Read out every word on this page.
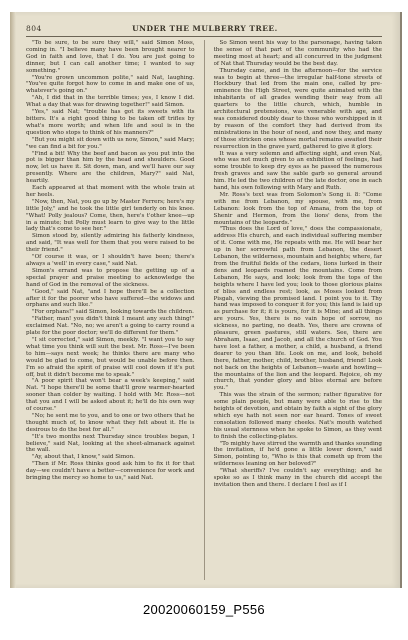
804	UNDER THE MULBERRY TREE.

"To be sure, to be sure they will," said Simon Moss, coming in. "I believe many have been brought nearer to God in faith and love, that I do. You are just going to dinner, but I can call another time; I wanted to say something."

"You're grown uncommon polite," said Nat, laughing. "You've quite forgot how to come in and make one of us, whatever's going on."

"Ah, I did that in the terrible times; yes, I know I did. What a day that was for drawing together!" said Simon.

"Yes," said Nat; "trouble has got its sweets with its bitters. It's a right good thing to be taken off trifles by what's more worth; and when life and soul is in the question who stops to think of his manners?"

"But you might sit down with us now, Simon," said Mary; "we can find a bit for you."

"Find a bit! Why the beef and bacon as you put into the pot is bigger than him by the head and shoulders. Good now, let us have it. Sit down, man, and we'll have our say presently. Where are the children, Mary?" said Nat, heartily.

Each appeared at that moment with the whole train at her heels.

"Now, then, Nat, you go up by Master Ferrers; here's my little Joly," and he took the little girl tenderly on his knee. "What! Polly jealous? Come, then, here's t'other knee—up in a minute; but Polly must learn to give way to the little lady that's come to see her."

Simon stood by, silently admiring his fatherly kindness, and said, "It was well for them that you were raised to be their friend."

"Of course it was, or I shouldn't have been; there's always a 'well' in every case," said Nat.

Simon's errand was to propose the getting up of a special prayer and praise meeting to acknowledge the hand of God in the removal of the sickness.

"Good," said Nat, "and I hope there'll be a collection after it for the poorer who have suffered—the widows and orphans and such like."

"For orphans!" said Simon, looking towards the children.

"Father, man! you didn't think I meant any such thing!" exclaimed Nat. "No, no; we aren't a going to carry round a plate for the poor doctor; we'll do different for them."

"I sit corrected," said Simon, meekly. "I want you to say what time you think will suit the best. Mr. Ross—I've been to him—says next week; he thinks there are many who would be glad to come, but would be unable before then. I'm so afraid the spirit of praise will cool down if it's put off, but it didn't become me to speak."

"A poor spirit that won't bear a week's keeping," said Nat. "I hope there'll be some that'll grow warmer-hearted sooner than colder by waiting. I hold with Mr. Ross—not that you and I will be asked about it; he'll do his own way of course."

"No; he sent me to you, and to one or two others that he thought much of, to know what they felt about it. He is desirous to do the best for all."

"It's two months next Thursday since troubles began, I believe," said Nat, looking at the sheet-almanack against the wall.

"Ay, about that, I know," said Simon.

"Then if Mr. Ross thinks good ask him to fix it for that day—we couldn't have a better—convenience for work and bringing the mercy so home to us," said Nat.

So Simon went his way to the parsonage, having taken the sense of that part of the community who had the meeting most at heart; and all concurred in the judgment of Nat that Thursday would be the best day.

Thursday came, and in the afternoon—for the service was to begin at three—the irregular half-tone streets of Hockbury that led from the main one, called by pre-eminence the High Street, were quite animated with the inhabitants of all grades wending their way from all quarters to the little church, which, humble in architectural pretensions, was venerable with age, and was considered doubly dear to those who worshipped in it by reason of the comfort they had derived from its ministrations in the hour of need, and now they, and many of those stricken ones whose mortal remains awaited their resurrection in the grave yard, gathered to give it glory.

It was a very solemn and affecting sight, and even Nat, who was not much given to an exhibition of feelings, had some trouble to keep dry eyes as he passed the numerous fresh graves and saw the sable garb so general around him. He led the two children of the late doctor, one in each hand, his own following with Mary and Ruth.

Mr. Ross's text was from Solomon's Song ii. 8: "Come with me from Lebanon, my spouse, with me, from Lebanon: look from the top of Amana, from the top of Shenir and Hermon, from the lions' dens, from the mountains of the leopards."

"Thus does the Lord of love," does the compassionate, address His church, and each individual suffering member of it. Come with me, He repeats with me. He will bear her up in her sorrowful path from Lebanon, the desert Lebanon, the wilderness, mountain and heights; where, far from the fruitful fields of the cedars, lions lurked in their dens and leopards roamed the mountains. Come from Lebanon, He says, and look; look from the tops of the heights where I have led you; look to those glorious plains of bliss and endless rest; look, as Moses looked from Pisgah, viewing the promised land. I point you to it. Thy hand was imposed to conquer it for you; this land is laid up as purchase for it; it is yours, for it is Mine; and all things are yours. Yes, there is no vain hope of sorrow, no sickness, no parting, no death. Yes, there are crowns of pleasure, green pastures, still waters. See, there are Abraham, Isaac, and Jacob, and all the church of God. You have lost a father, a mother, a child, a husband, a friend dearer to you than life. Look on me, and look, behold there, father, mother, child, brother, husband, friend! Look not back on the heights of Lebanon—waste and howling—the mountains of the lion and the leopard. Rejoice, oh my church, that yonder glory and bliss eternal are before you."

This was the strain of the sermon; rather figurative for some plain people, but many were able to rise to the heights of devotion, and obtain by faith a sight of the glory which eye hath not seen nor ear heard. Tones of sweet consolation followed many cheeks. Nat's mouth watched his usual sternness when he spoke to Simon, as they went to finish the collecting-plates.

"To mighty have stirred the warmth and thanks sounding the invitation, if he'd gone a little lower down," said Simon, pointing to, "Who is this that cometh up from the wilderness leaning on her beloved?"

"What sheriffs? I've couldn't say everything; and he spoke so as I think many in the church did accept the invitation then and there. I declare I feel as if I

20020060159_P556
